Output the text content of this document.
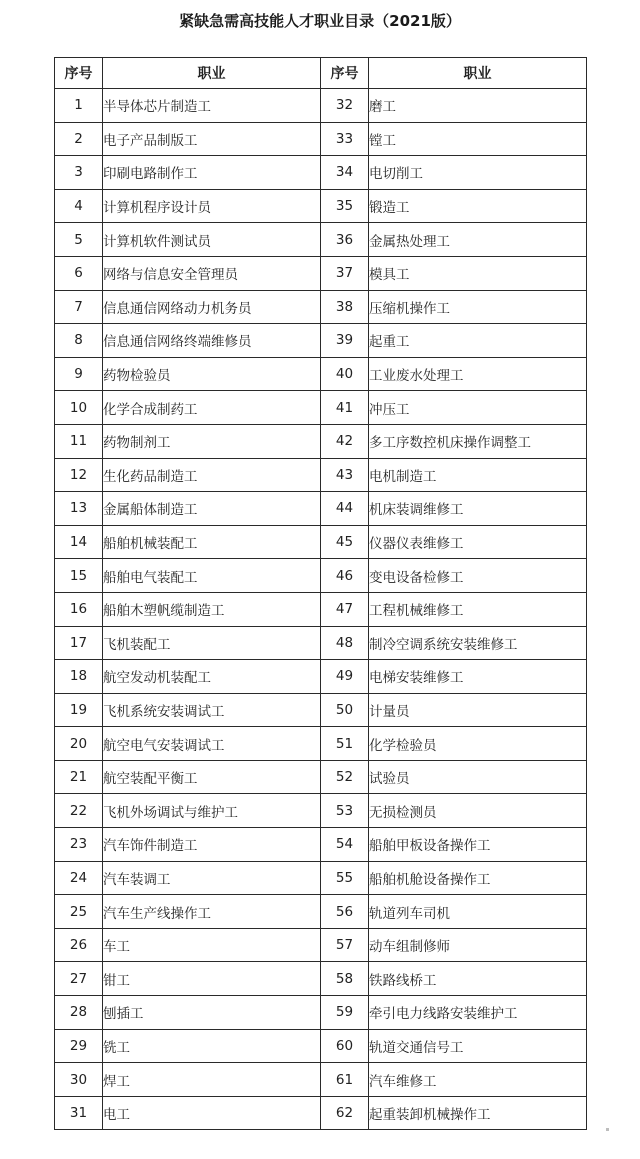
紧缺急需高技能人才职业目录（2021版）
序号	职业	序号	职业
1	半导体芯片制造工	32	磨工
2	电子产品制版工	33	镗工
3	印刷电路制作工	34	电切削工
4	计算机程序设计员	35	锻造工
5	计算机软件测试员	36	金属热处理工
6	网络与信息安全管理员	37	模具工
7	信息通信网络动力机务员	38	压缩机操作工
8	信息通信网络终端维修员	39	起重工
9	药物检验员	40	工业废水处理工
10	化学合成制药工	41	冲压工
11	药物制剂工	42	多工序数控机床操作调整工
12	生化药品制造工	43	电机制造工
13	金属船体制造工	44	机床装调维修工
14	船舶机械装配工	45	仪器仪表维修工
15	船舶电气装配工	46	变电设备检修工
16	船舶木塑帆缆制造工	47	工程机械维修工
17	飞机装配工	48	制冷空调系统安装维修工
18	航空发动机装配工	49	电梯安装维修工
19	飞机系统安装调试工	50	计量员
20	航空电气安装调试工	51	化学检验员
21	航空装配平衡工	52	试验员
22	飞机外场调试与维护工	53	无损检测员
23	汽车饰件制造工	54	船舶甲板设备操作工
24	汽车装调工	55	船舶机舱设备操作工
25	汽车生产线操作工	56	轨道列车司机
26	车工	57	动车组制修师
27	钳工	58	铁路线桥工
28	刨插工	59	牵引电力线路安装维护工
29	铣工	60	轨道交通信号工
30	焊工	61	汽车维修工
31	电工	62	起重装卸机械操作工
